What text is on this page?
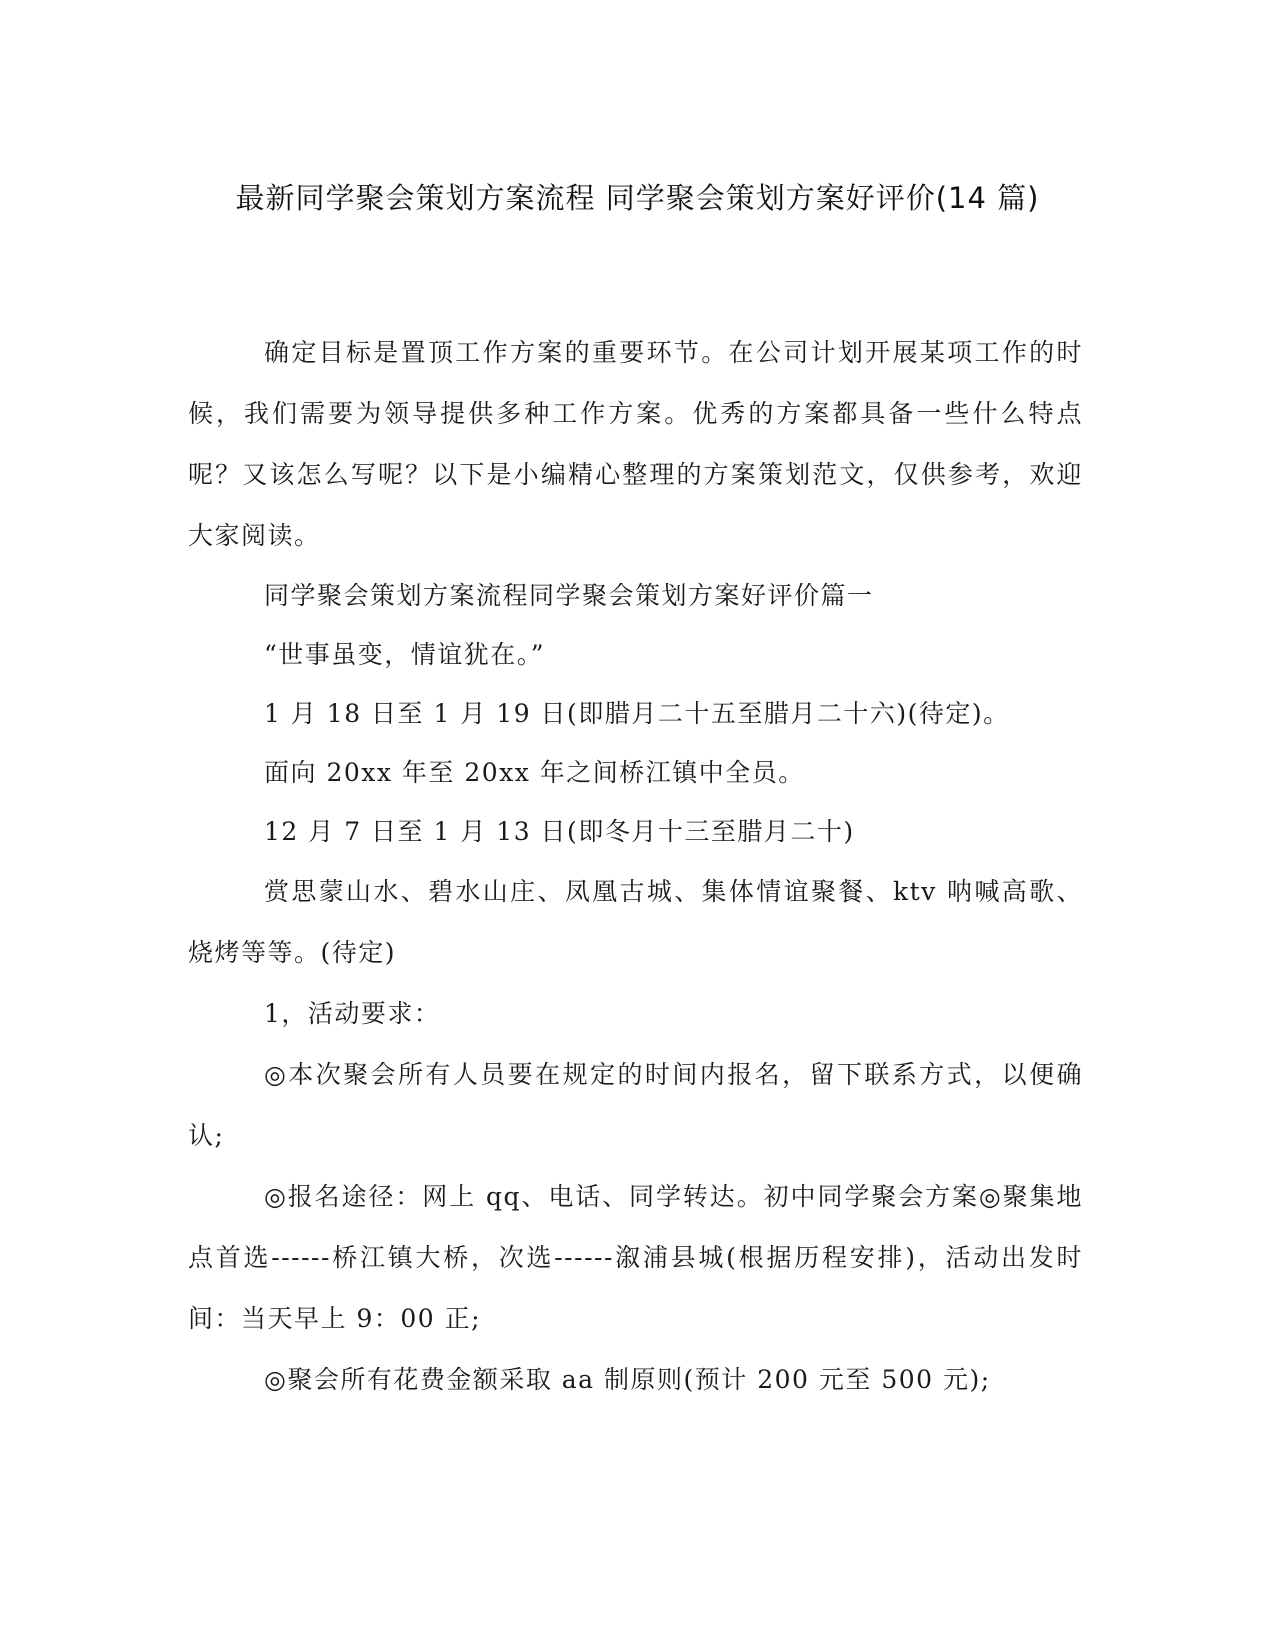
最新同学聚会策划方案流程 同学聚会策划方案好评价(14 篇)

确定目标是置顶工作方案的重要环节。在公司计划开展某项工作的时候，我们需要为领导提供多种工作方案。优秀的方案都具备一些什么特点呢？又该怎么写呢？以下是小编精心整理的方案策划范文，仅供参考，欢迎大家阅读。

同学聚会策划方案流程同学聚会策划方案好评价篇一

“世事虽变，情谊犹在。”

1 月 18 日至 1 月 19 日(即腊月二十五至腊月二十六)(待定)。

面向 20xx 年至 20xx 年之间桥江镇中全员。

12 月 7 日至 1 月 13 日(即冬月十三至腊月二十)

赏思蒙山水、碧水山庄、凤凰古城、集体情谊聚餐、ktv 呐喊高歌、烧烤等等。(待定)

1，活动要求：

◎本次聚会所有人员要在规定的时间内报名，留下联系方式，以便确认;

◎报名途径：网上 qq、电话、同学转达。初中同学聚会方案◎聚集地点首选------桥江镇大桥，次选------溆浦县城(根据历程安排)，活动出发时间：当天早上 9：00 正;

◎聚会所有花费金额采取 aa 制原则(预计 200 元至 500 元);
